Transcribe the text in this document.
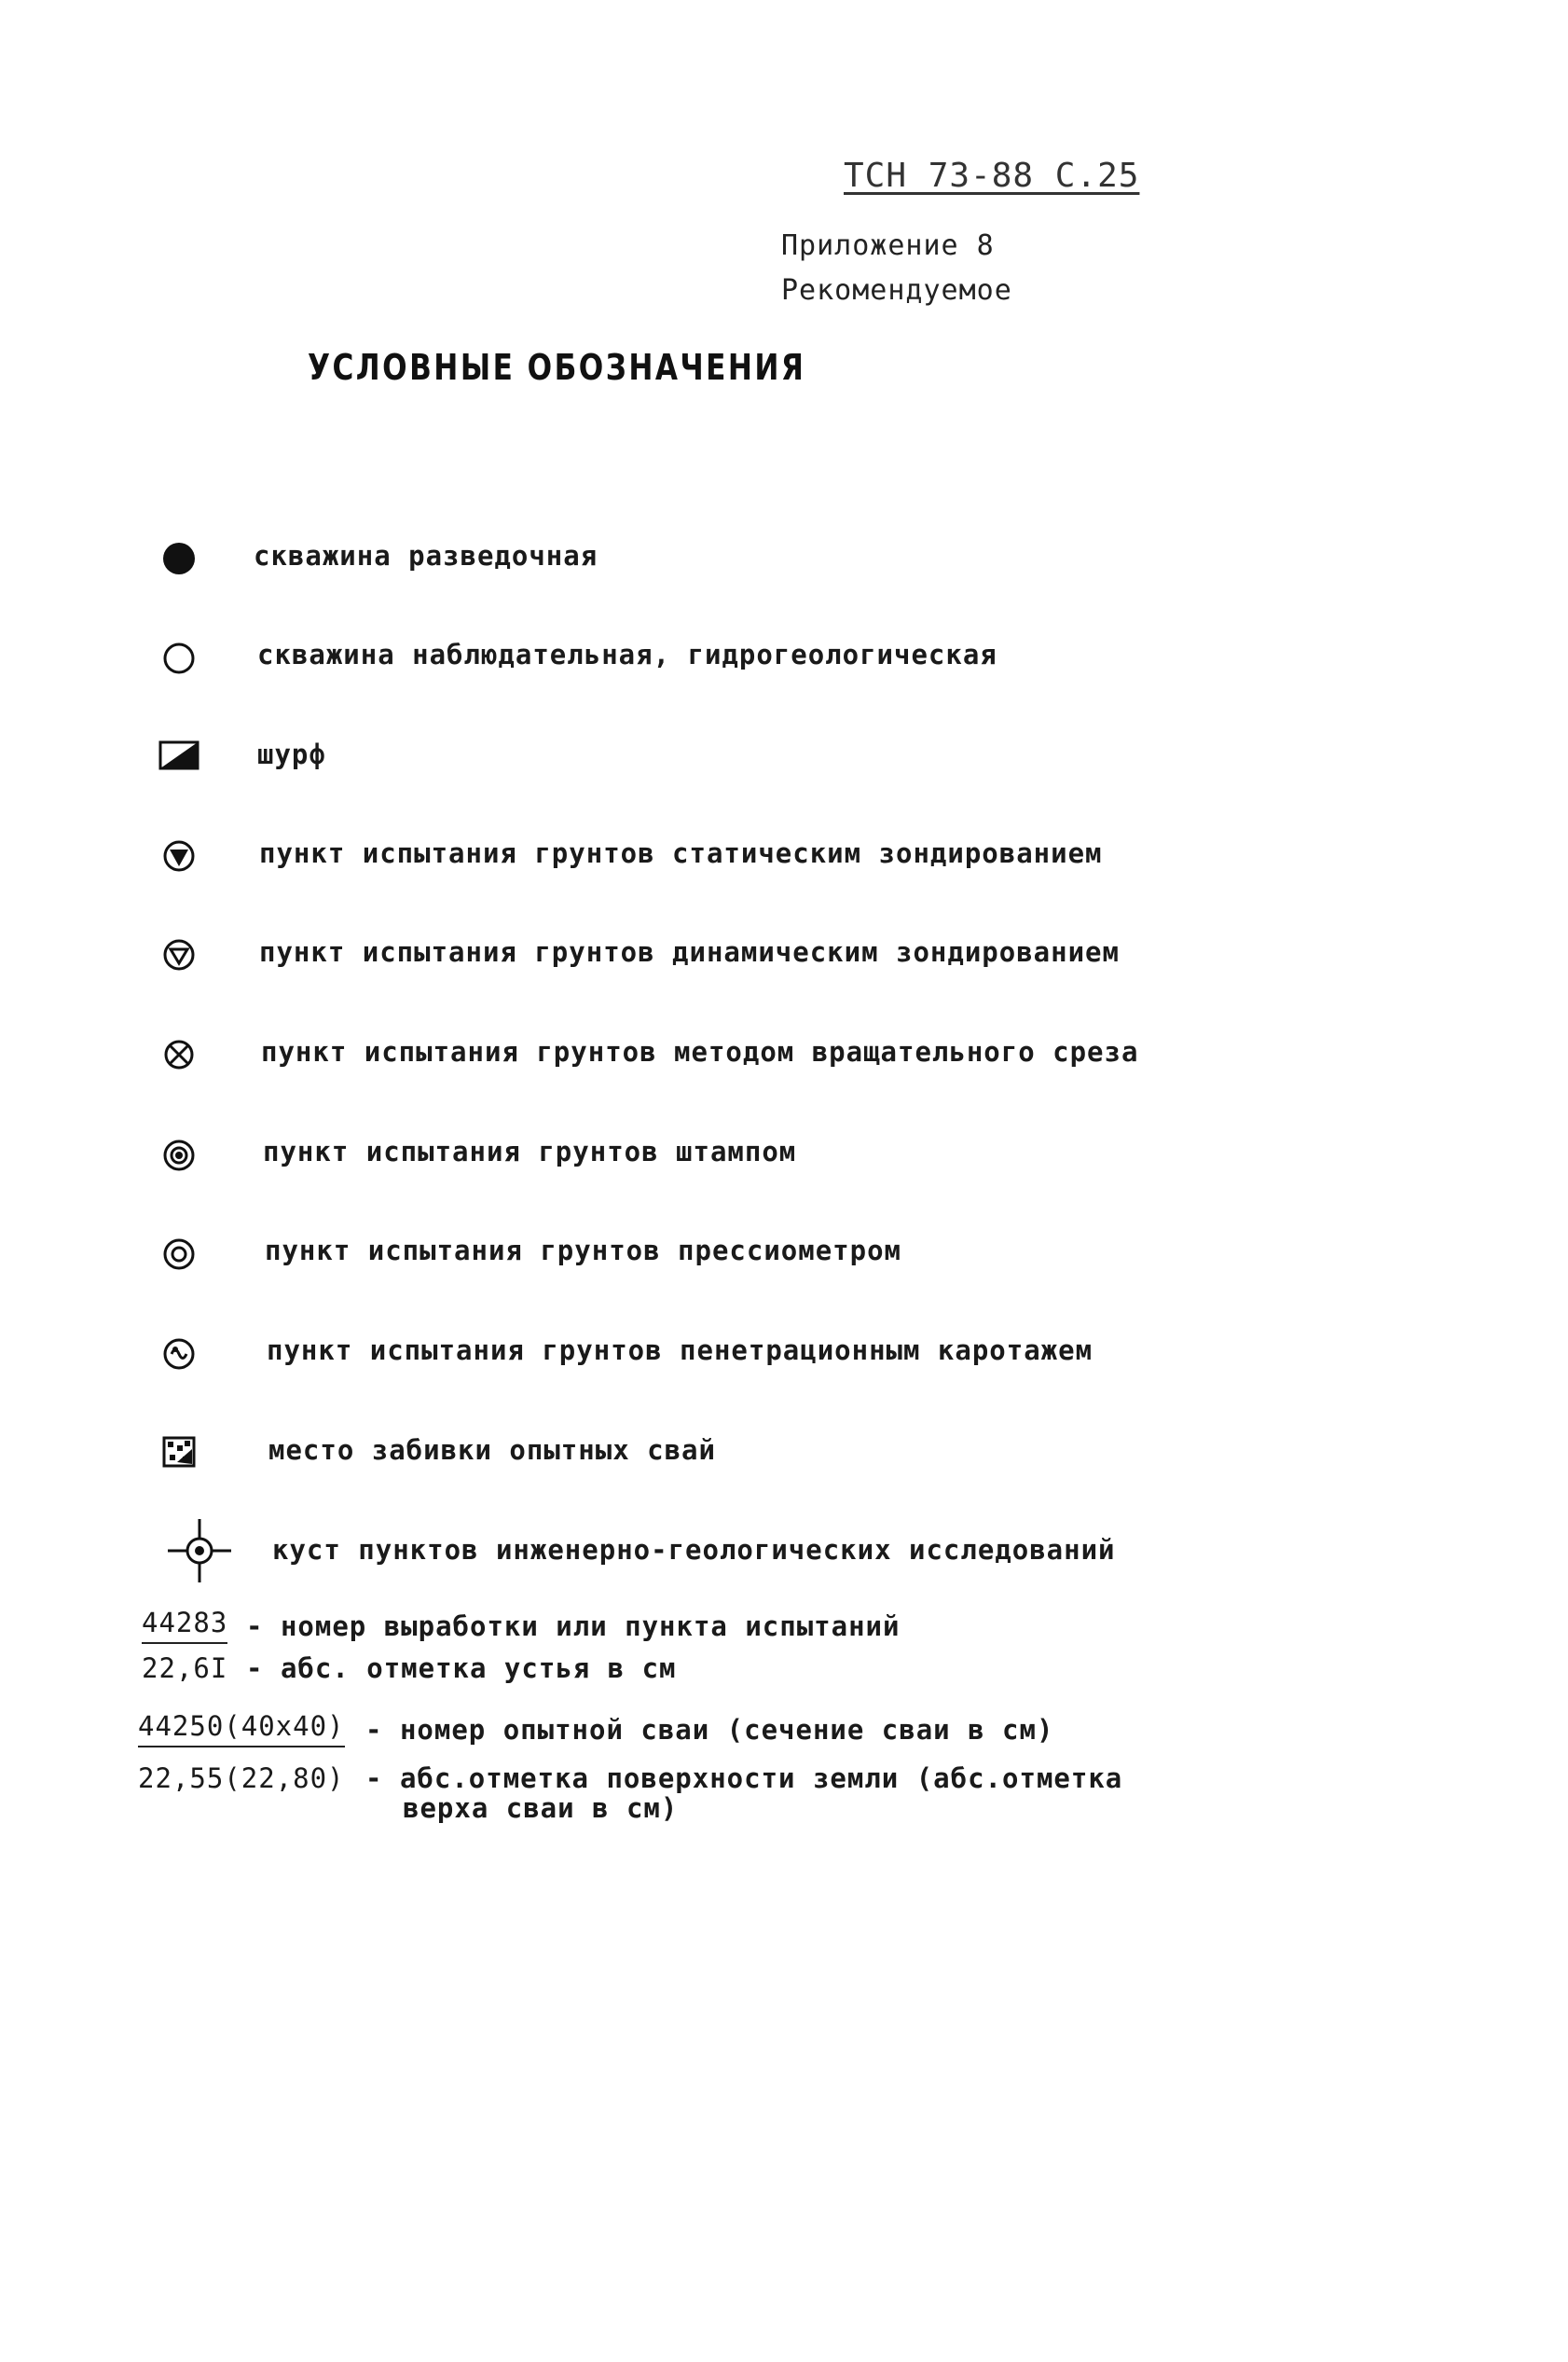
ТСН 73-88 С.25
Приложение 8
Рекомендуемое
УСЛОВНЫЕ ОБОЗНАЧЕНИЯ
скважина разведочная
скважина наблюдательная, гидрогеологическая
шурф
пункт испытания грунтов статическим зондированием
пункт испытания грунтов динамическим зондированием
пункт испытания грунтов методом вращательного среза
пункт испытания грунтов штампом
пункт испытания грунтов прессиометром
пункт испытания грунтов пенетрационным каротажем
место забивки опытных свай
куст пунктов инженерно-геологических исследований
44283 - номер выработки или пункта испытаний
22,6I - абс. отметка устья в см
44250(40x40) - номер опытной сваи (сечение сваи в см)
22,55(22,80) - абс.отметка поверхности земли (абс.отметка
верха сваи в см)
